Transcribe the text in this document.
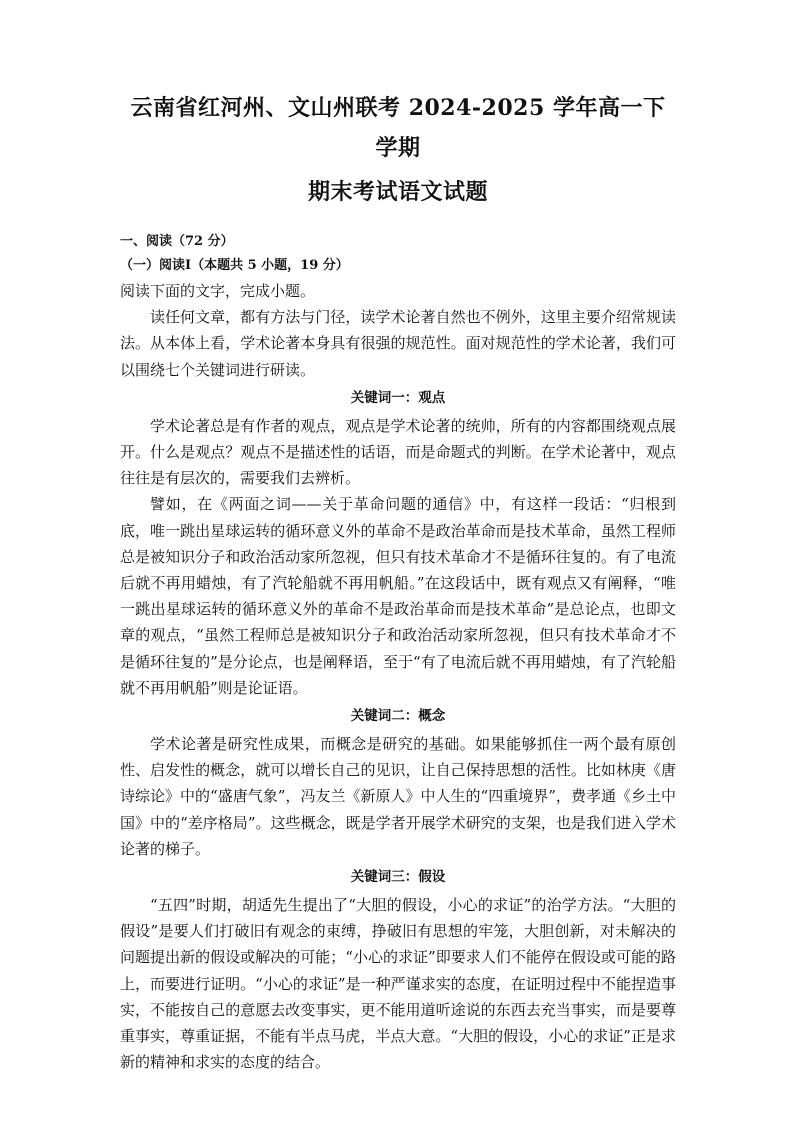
云南省红河州、文山州联考 2024-2025 学年高一下学期
期末考试语文试题
一、阅读（72 分）
（一）阅读Ⅰ（本题共 5 小题，19 分）
阅读下面的文字，完成小题。
读任何文章，都有方法与门径，读学术论著自然也不例外，这里主要介绍常规读法。从本体上看，学术论著本身具有很强的规范性。面对规范性的学术论著，我们可以围绕七个关键词进行研读。
关键词一：观点
学术论著总是有作者的观点，观点是学术论著的统帅，所有的内容都围绕观点展开。什么是观点？观点不是描述性的话语，而是命题式的判断。在学术论著中，观点往往是有层次的，需要我们去辨析。
譬如，在《两面之词——关于革命问题的通信》中，有这样一段话：“归根到底，唯一跳出星球运转的循环意义外的革命不是政治革命而是技术革命，虽然工程师总是被知识分子和政治活动家所忽视，但只有技术革命才不是循环往复的。有了电流后就不再用蜡烛，有了汽轮船就不再用帆船。”在这段话中，既有观点又有阐释，“唯一跳出星球运转的循环意义外的革命不是政治革命而是技术革命”是总论点，也即文章的观点，“虽然工程师总是被知识分子和政治活动家所忽视，但只有技术革命才不是循环往复的”是分论点，也是阐释语，至于“有了电流后就不再用蜡烛，有了汽轮船就不再用帆船”则是论证语。
关键词二：概念
学术论著是研究性成果，而概念是研究的基础。如果能够抓住一两个最有原创性、启发性的概念，就可以增长自己的见识，让自己保持思想的活性。比如林庚《唐诗综论》中的“盛唐气象”，冯友兰《新原人》中人生的“四重境界”，费孝通《乡土中国》中的“差序格局”。这些概念，既是学者开展学术研究的支架，也是我们进入学术论著的梯子。
关键词三：假设
“五四”时期，胡适先生提出了“大胆的假设，小心的求证”的治学方法。“大胆的假设”是要人们打破旧有观念的束缚，挣破旧有思想的牢笼，大胆创新，对未解决的问题提出新的假设或解决的可能；“小心的求证”即要求人们不能停在假设或可能的路上，而要进行证明。“小心的求证”是一种严谨求实的态度，在证明过程中不能捏造事实，不能按自己的意愿去改变事实，更不能用道听途说的东西去充当事实，而是要尊重事实，尊重证据，不能有半点马虎，半点大意。“大胆的假设，小心的求证”正是求新的精神和求实的态度的结合。
